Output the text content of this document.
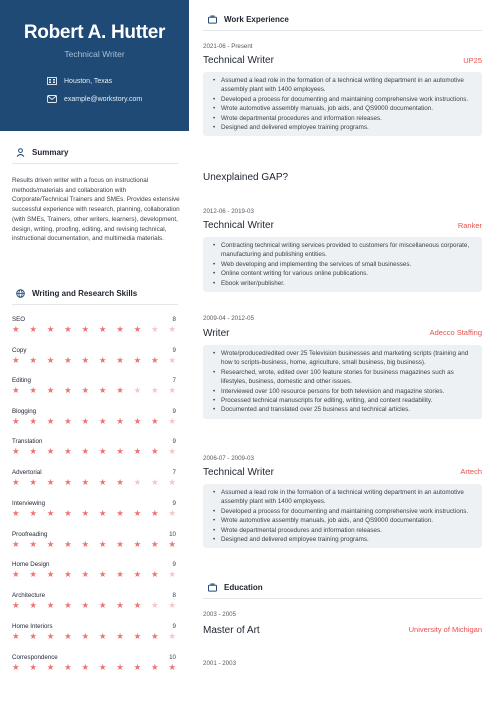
Robert A. Hutter
Technical Writer
Houston, Texas
example@workstory.com
Summary
Results driven writer with a focus on instructional methods/materials and collaboration with Corporate/Technical Trainers and SMEs. Provides extensive successful experience with research, planning, collaboration (with SMEs, Trainers, other writers, learners), development, design, writing, proofing, editing, and revising technical, instructional documentation, and multimedia materials.
Writing and Research Skills
SEO	8
★ ★ ★ ★ ★ ★ ★ ★ ★ ★
Copy	9
★ ★ ★ ★ ★ ★ ★ ★ ★ ★
Editing	7
★ ★ ★ ★ ★ ★ ★ ★ ★ ★
Blogging	9
★ ★ ★ ★ ★ ★ ★ ★ ★ ★
Translation	9
★ ★ ★ ★ ★ ★ ★ ★ ★ ★
Advertorial	7
★ ★ ★ ★ ★ ★ ★ ★ ★ ★
Interviewing	9
★ ★ ★ ★ ★ ★ ★ ★ ★ ★
Proofreading	10
★ ★ ★ ★ ★ ★ ★ ★ ★ ★
Home Design	9
★ ★ ★ ★ ★ ★ ★ ★ ★ ★
Architecture	8
★ ★ ★ ★ ★ ★ ★ ★ ★ ★
Home Interiors	9
★ ★ ★ ★ ★ ★ ★ ★ ★ ★
Correspondence	10
★ ★ ★ ★ ★ ★ ★ ★ ★ ★
Work Experience
2021-06 - Present
Technical Writer	UP25
• Assumed a lead role in the formation of a technical writing department in an automotive assembly plant with 1400 employees.
• Developed a process for documenting and maintaining comprehensive work instructions.
• Wrote automotive assembly manuals, job aids, and QS9000 documentation.
• Wrote departmental procedures and information releases.
• Designed and delivered employee training programs.
Unexplained GAP?
2012-06 - 2019-03
Technical Writer	Ranker
• Contracting technical writing services provided to customers for miscellaneous corporate, manufacturing and publishing entities.
• Web developing and implementing the services of small businesses.
• Online content writing for various online publications.
• Ebook writer/publisher.
2009-04 - 2012-05
Writer	Adecco Staffing
• Wrote/produced/edited over 25 Television businesses and marketing scripts (training and how to scripts-business, home, agriculture, small business, big business).
• Researched, wrote, edited over 100 feature stories for business magazines such as lifestyles, business, domestic and other issues.
• Interviewed over 100 resource persons for both television and magazine stories.
• Processed technical manuscripts for editing, writing, and content readability.
• Documented and translated over 25 business and technical articles.
2006-07 - 2009-03
Technical Writer	Artech
• Assumed a lead role in the formation of a technical writing department in an automotive assembly plant with 1400 employees.
• Developed a process for documenting and maintaining comprehensive work instructions.
• Wrote automotive assembly manuals, job aids, and QS9000 documentation.
• Wrote departmental procedures and information releases.
• Designed and delivered employee training programs.
Education
2003 - 2005
Master of Art	University of Michigan
2001 - 2003
